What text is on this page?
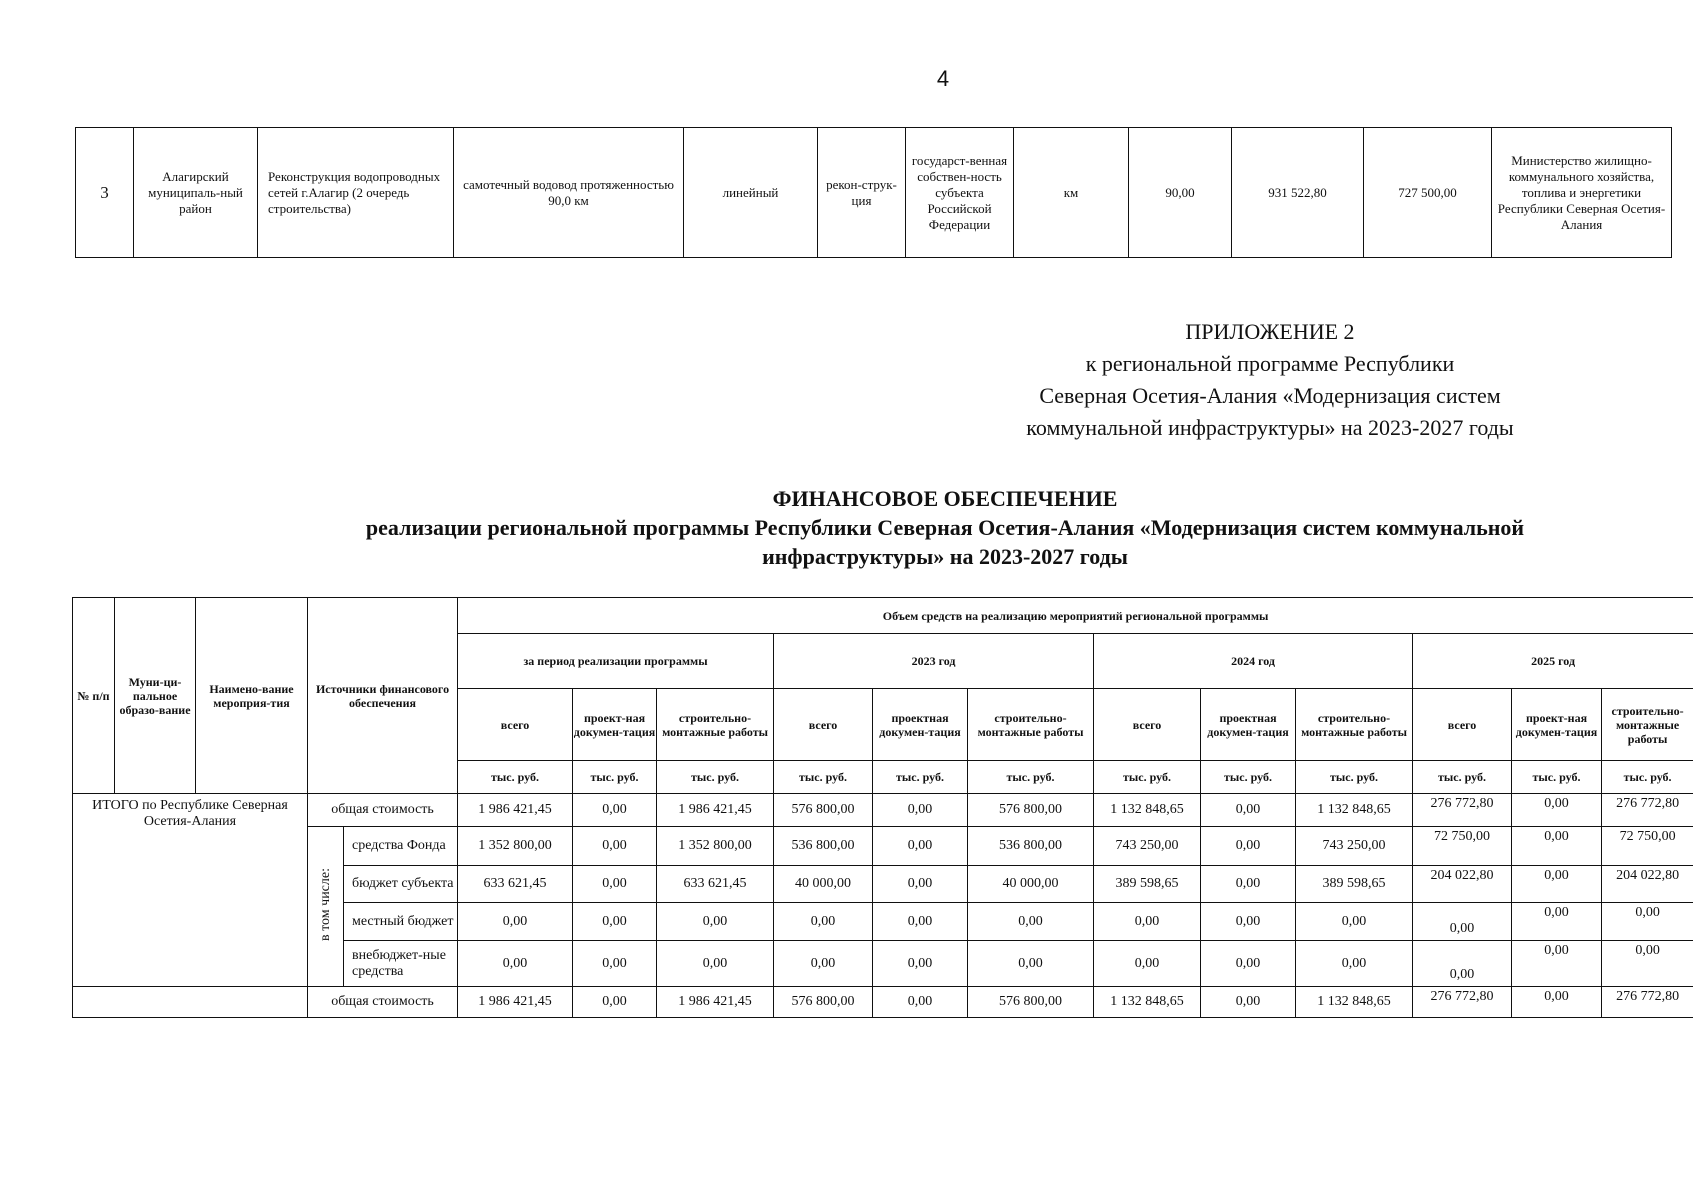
4
3	Алагирский муниципаль-ный район	Реконструкция водопроводных сетей г.Алагир (2 очередь строительства)	самотечный водовод протяженностью 90,0 км	линейный	рекон-струк-ция	государст-венная собствен-ность субъекта Российской Федерации	км	90,00	931 522,80	727 500,00	Министерство жилищно-коммунального хозяйства, топлива и энергетики Республики Северная Осетия-Алания
ПРИЛОЖЕНИЕ 2
к региональной программе Республики
Северная Осетия-Алания «Модернизация систем
коммунальной инфраструктуры» на 2023-2027 годы
ФИНАНСОВОЕ ОБЕСПЕЧЕНИЕ
реализации региональной программы Республики Северная Осетия-Алания «Модернизация систем коммунальной
инфраструктуры» на 2023-2027 годы
№ п/п	Муни-ци-пальное образо-вание	Наимено-вание мероприя-тия	Источники финансового обеспечения		Объем средств на реализацию мероприятий региональной программы											
					за период реализации программы			2023 год			2024 год			2025 год		
					всего	проект-ная докумен-тация	строительно-монтажные работы	всего	проектная докумен-тация	строительно-монтажные работы	всего	проектная докумен-тация	строительно-монтажные работы	всего	проект-ная докумен-тация	строительно-монтажные работы
					тыс. руб.	тыс. руб.	тыс. руб.	тыс. руб.	тыс. руб.	тыс. руб.	тыс. руб.	тыс. руб.	тыс. руб.	тыс. руб.	тыс. руб.	тыс. руб.
ИТОГО по Республике Северная Осетия-Алания			общая стоимость		1 986 421,45	0,00	1 986 421,45	576 800,00	0,00	576 800,00	1 132 848,65	0,00	1 132 848,65	276 772,80	0,00	276 772,80
			в том числе:	средства Фонда	1 352 800,00	0,00	1 352 800,00	536 800,00	0,00	536 800,00	743 250,00	0,00	743 250,00	72 750,00	0,00	72 750,00
				бюджет субъекта	633 621,45	0,00	633 621,45	40 000,00	0,00	40 000,00	389 598,65	0,00	389 598,65	204 022,80	0,00	204 022,80
				местный бюджет	0,00	0,00	0,00	0,00	0,00	0,00	0,00	0,00	0,00	0,00	0,00	0,00
				внебюджет-ные средства	0,00	0,00	0,00	0,00	0,00	0,00	0,00	0,00	0,00	0,00	0,00	0,00
			общая стоимость		1 986 421,45	0,00	1 986 421,45	576 800,00	0,00	576 800,00	1 132 848,65	0,00	1 132 848,65	276 772,80	0,00	276 772,80
